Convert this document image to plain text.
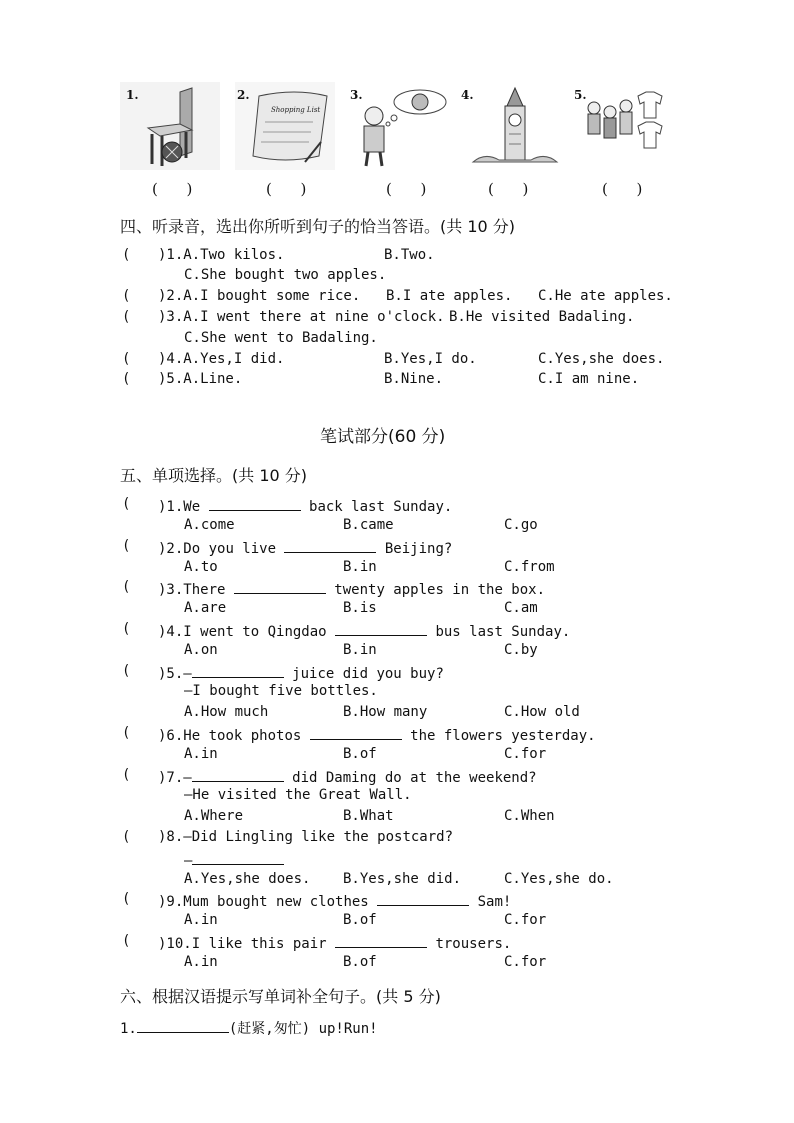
1.	2.
Shopping List
3.	4.	5.
(      )	(      )	(      )	(      )	(      )
四、听录音，选出你所听到句子的恰当答语。(共 10 分)
( )1.A.Two kilos.	B.Two.
C.She bought two apples.
( )2.A.I bought some rice. B.I ate apples. C.He ate apples.
( )3.A.I went there at nine o'clock. B.He visited Badaling.
C.She went to Badaling.
( )4.A.Yes,I did.	B.Yes,I do.	C.Yes,she does.
( )5.A.Line.	B.Nine.	C.I am nine.
笔试部分(60 分)
五、单项选择。(共 10 分)
( )1.We	back last Sunday.
A.come	B.came	C.go
( )2.Do you live	Beijing?
A.to	B.in	C.from
( )3.There	twenty apples in the box.
A.are	B.is	C.am
( )4.I went to Qingdao	bus last Sunday.
A.on	B.in	C.by
( )5.—	juice did you buy?
—I bought five bottles.
A.How much	B.How many	C.How old
( )6.He took photos	the flowers yesterday.
A.in	B.of	C.for
( )7.—	did Daming do at the weekend?
—He visited the Great Wall.
A.Where	B.What	C.When
( )8.—Did Lingling like the postcard?
—
A.Yes,she does. B.Yes,she did.	C.Yes,she do.
( )9.Mum bought new clothes	Sam!
A.in	B.of	C.for
( )10.I like this pair	trousers.
A.in	B.of	C.for
六、根据汉语提示写单词补全句子。(共 5 分)
1.	(赶紧,匆忙) up!Run!
